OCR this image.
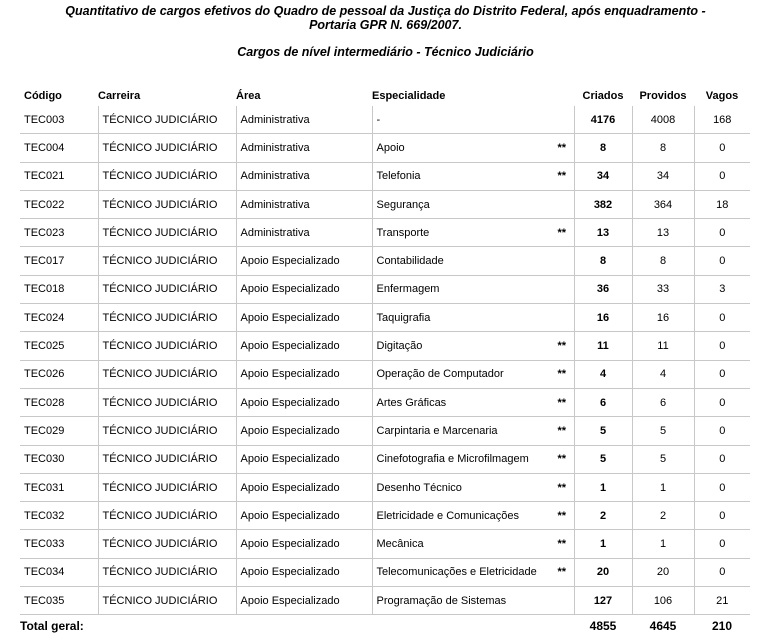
Quantitativo de cargos efetivos do Quadro de pessoal da Justiça do Distrito Federal, após enquadramento -
Portaria GPR N. 669/2007.
Cargos de nível intermediário - Técnico Judiciário
Código	Carreira	Área	Especialidade		Criados	Providos	Vagos
TEC003	TÉCNICO JUDICIÁRIO	Administrativa	-		4176	4008	168
TEC004	TÉCNICO JUDICIÁRIO	Administrativa	Apoio	**	8	8	0
TEC021	TÉCNICO JUDICIÁRIO	Administrativa	Telefonia	**	34	34	0
TEC022	TÉCNICO JUDICIÁRIO	Administrativa	Segurança		382	364	18
TEC023	TÉCNICO JUDICIÁRIO	Administrativa	Transporte	**	13	13	0
TEC017	TÉCNICO JUDICIÁRIO	Apoio Especializado	Contabilidade		8	8	0
TEC018	TÉCNICO JUDICIÁRIO	Apoio Especializado	Enfermagem		36	33	3
TEC024	TÉCNICO JUDICIÁRIO	Apoio Especializado	Taquigrafia		16	16	0
TEC025	TÉCNICO JUDICIÁRIO	Apoio Especializado	Digitação	**	11	11	0
TEC026	TÉCNICO JUDICIÁRIO	Apoio Especializado	Operação de Computador	**	4	4	0
TEC028	TÉCNICO JUDICIÁRIO	Apoio Especializado	Artes Gráficas	**	6	6	0
TEC029	TÉCNICO JUDICIÁRIO	Apoio Especializado	Carpintaria e Marcenaria	**	5	5	0
TEC030	TÉCNICO JUDICIÁRIO	Apoio Especializado	Cinefotografia e Microfilmagem	**	5	5	0
TEC031	TÉCNICO JUDICIÁRIO	Apoio Especializado	Desenho Técnico	**	1	1	0
TEC032	TÉCNICO JUDICIÁRIO	Apoio Especializado	Eletricidade e Comunicações	**	2	2	0
TEC033	TÉCNICO JUDICIÁRIO	Apoio Especializado	Mecânica	**	1	1	0
TEC034	TÉCNICO JUDICIÁRIO	Apoio Especializado	Telecomunicações e Eletricidade	**	20	20	0
TEC035	TÉCNICO JUDICIÁRIO	Apoio Especializado	Programação de Sistemas		127	106	21
Total geral:					4855	4645	210
